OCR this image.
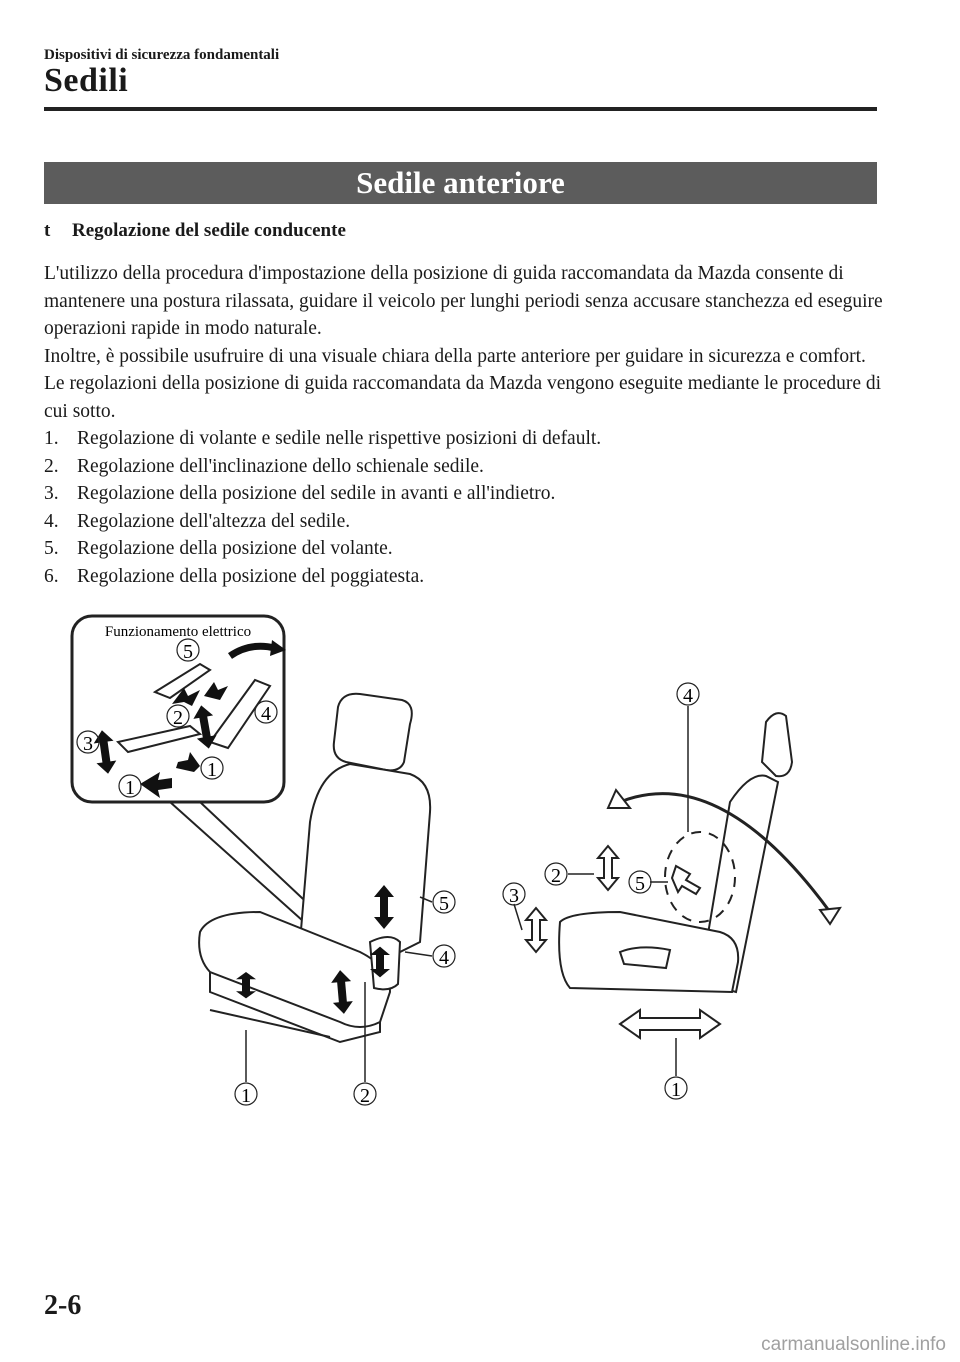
Dispositivi di sicurezza fondamentali
Sedili
Sedile anteriore
t Regolazione del sedile conducente

L'utilizzo della procedura d'impostazione della posizione di guida raccomandata da Mazda consente di mantenere una postura rilassata, guidare il veicolo per lunghi periodi senza accusare stanchezza ed eseguire operazioni rapide in modo naturale.

Inoltre, è possibile usufruire di una visuale chiara della parte anteriore per guidare in sicurezza e comfort.

Le regolazioni della posizione di guida raccomandata da Mazda vengono eseguite mediante le procedure di cui sotto.

1. Regolazione di volante e sedile nelle rispettive posizioni di default.
2. Regolazione dell'inclinazione dello schienale sedile.
3. Regolazione della posizione del sedile in avanti e all'indietro.
4. Regolazione dell'altezza del sedile.
5. Regolazione della posizione del volante.
6. Regolazione della posizione del poggiatesta.
Funzionamento elettrico
5
2	4
3
1
1
5
4
1	2
4
2	5
3
1
2-6
carmanualsonline.info
